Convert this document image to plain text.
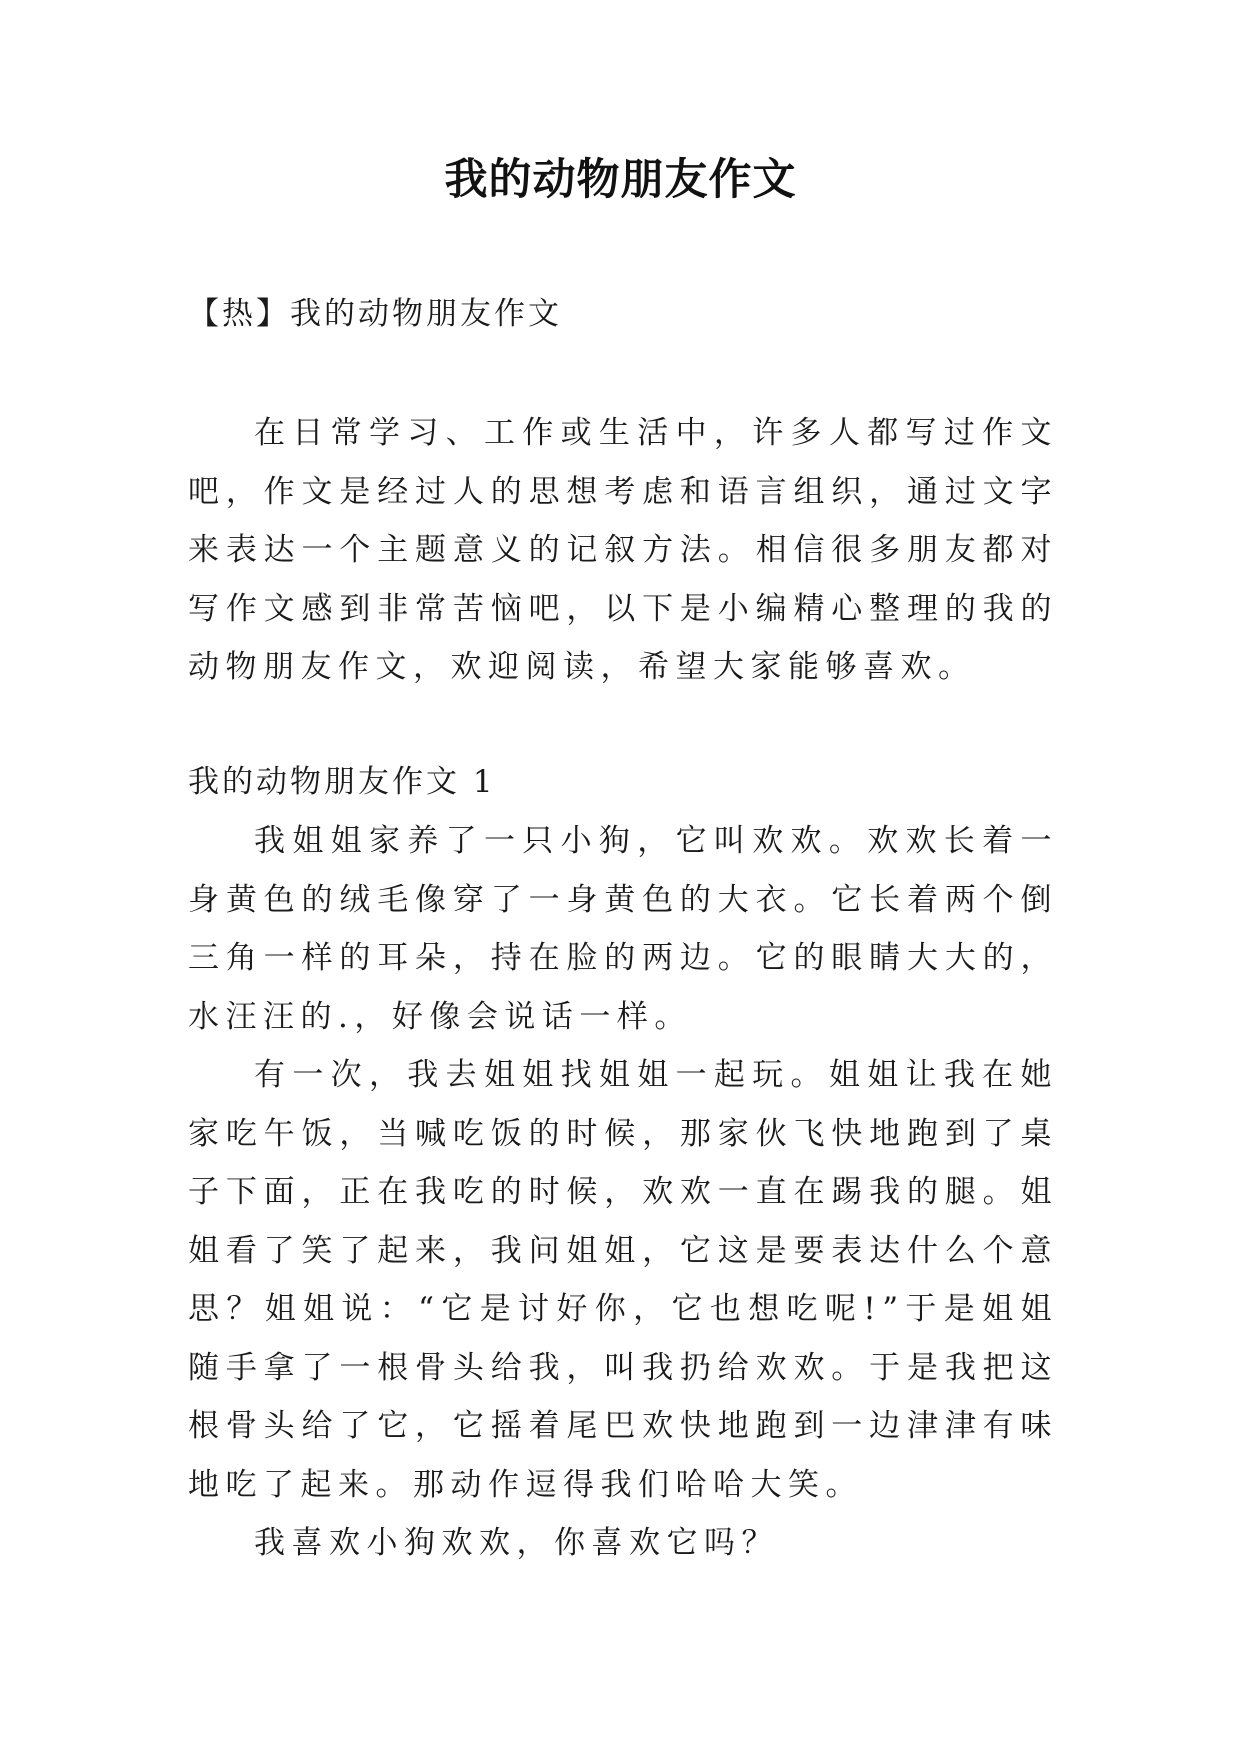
我的动物朋友作文
【热】我的动物朋友作文

在日常学习、工作或生活中，许多人都写过作文吧，作文是经过人的思想考虑和语言组织，通过文字来表达一个主题意义的记叙方法。相信很多朋友都对写作文感到非常苦恼吧，以下是小编精心整理的我的动物朋友作文，欢迎阅读，希望大家能够喜欢。

我的动物朋友作文 1

我姐姐家养了一只小狗，它叫欢欢。欢欢长着一身黄色的绒毛像穿了一身黄色的大衣。它长着两个倒三角一样的耳朵，持在脸的两边。它的眼睛大大的，水汪汪的.，好像会说话一样。

有一次，我去姐姐找姐姐一起玩。姐姐让我在她家吃午饭，当喊吃饭的时候，那家伙飞快地跑到了桌子下面，正在我吃的时候，欢欢一直在踢我的腿。姐姐看了笑了起来，我问姐姐，它这是要表达什么个意思？姐姐说：“它是讨好你，它也想吃呢!”于是姐姐随手拿了一根骨头给我，叫我扔给欢欢。于是我把这根骨头给了它，它摇着尾巴欢快地跑到一边津津有味地吃了起来。那动作逗得我们哈哈大笑。

我喜欢小狗欢欢，你喜欢它吗？
